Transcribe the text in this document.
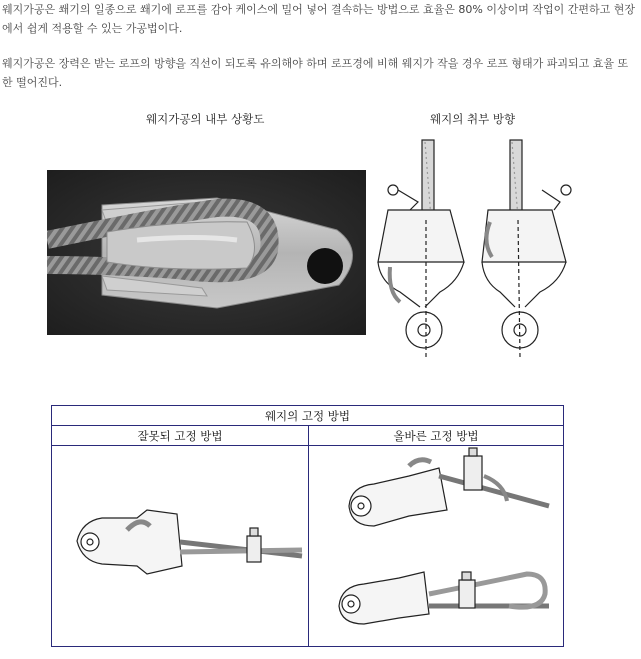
웨지가공은 쐐기의 일종으로 쐐기에 로프를 감아 케이스에 밀어 넣어 결속하는 방법으로 효율은 80% 이상이며 작업이 간편하고 현장에서 쉽게 적용할 수 있는 가공법이다.

웨지가공은 장력은 받는 로프의 방향을 직선이 되도록 유의해야 하며 로프경에 비해 웨지가 작을 경우 로프 형태가 파괴되고 효율 또한 떨어진다.

웨지가공의 내부 상황도	웨지의 취부 방향
웨지의 고정 방법
잘못되 고정 방법	올바른 고정 방법
